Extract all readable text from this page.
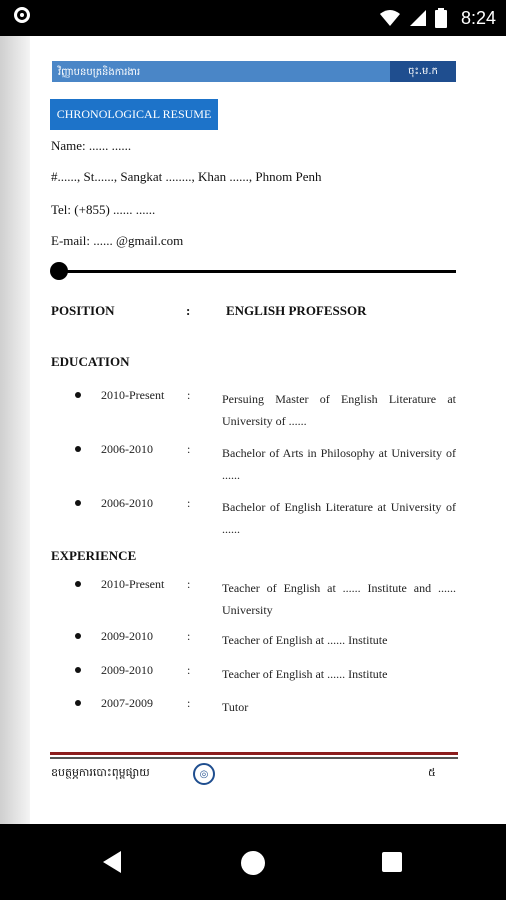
8:24
វិញ្ញាបនបត្រនិងការងារ	ចុះ.ម.ក
CHRONOLOGICAL RESUME
Name: ...... ......
#......, St......, Sangkat ........, Khan ......, Phnom Penh
Tel: (+855) ...... ......
E-mail: ...... @gmail.com
POSITION	:	ENGLISH PROFESSOR
EDUCATION
2010-Present :	Persuing Master of English Literature at University of ......
2006-2010	:	Bachelor of Arts in Philosophy at University of ......
2006-2010	:	Bachelor of English Literature at University of ......
EXPERIENCE
2010-Present :	Teacher of English at ...... Institute and ...... University
2009-2010	:	Teacher of English at ...... Institute
2009-2010	:	Teacher of English at ...... Institute
2007-2009	:	Tutor
ឧបត្ថម្ភការបោះពុម្ពផ្សាយ	◎	៥
